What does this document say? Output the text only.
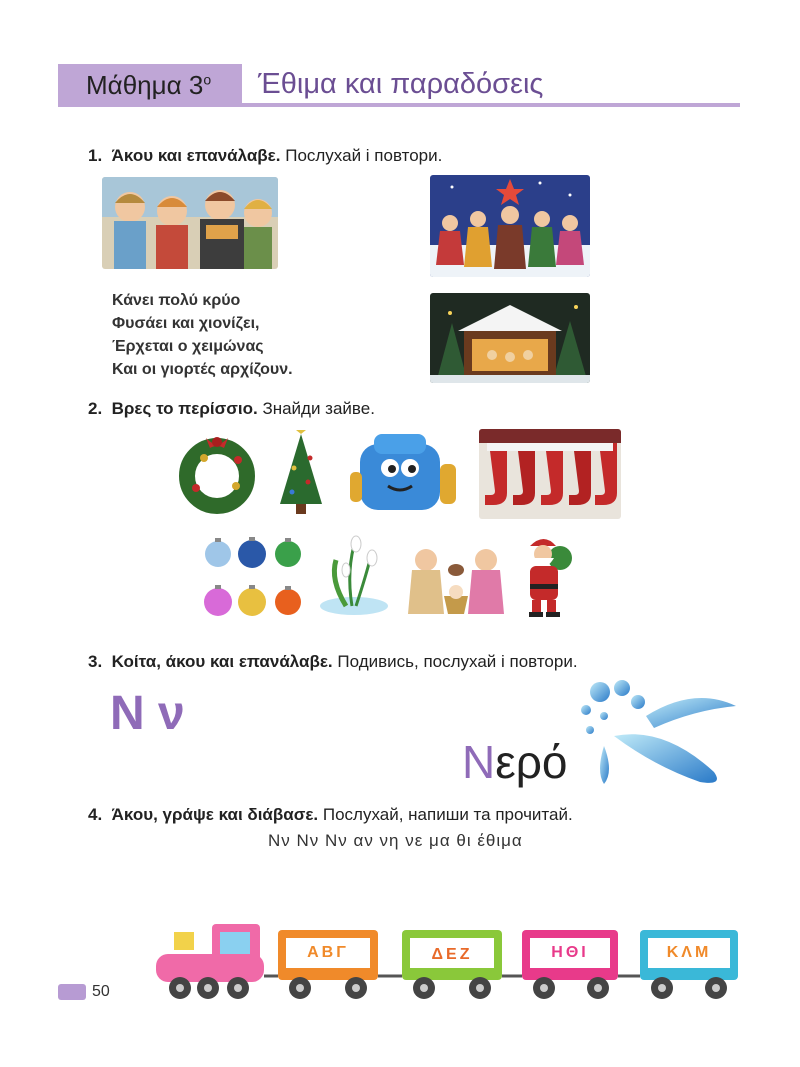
Μάθημα $3^o$ Έθιμα και παραδόσεις
1. Άκου και επανάλαβε. Послухай і повтори.
Κάνει πολύ κρύο
Φυσάει και χιονίζει,
Έρχεται ο χειμώνας
Και οι γιορτές αρχίζουν.
2. Βρες το περίσσιο. Знайди зайве.
3. Κοίτα, άκου και επανάλαβε. Подивись, послухай і повтори.
Ν ν
Νερό
4. Άκου, γράψε και διάβασε. Послухай, напиши та прочитай.
Νν Νν Νν αν νη νε μα θι έθιμα
ΑΒΓ	ΔΕΖ	ΗΘΙ	ΚΛΜ
50
